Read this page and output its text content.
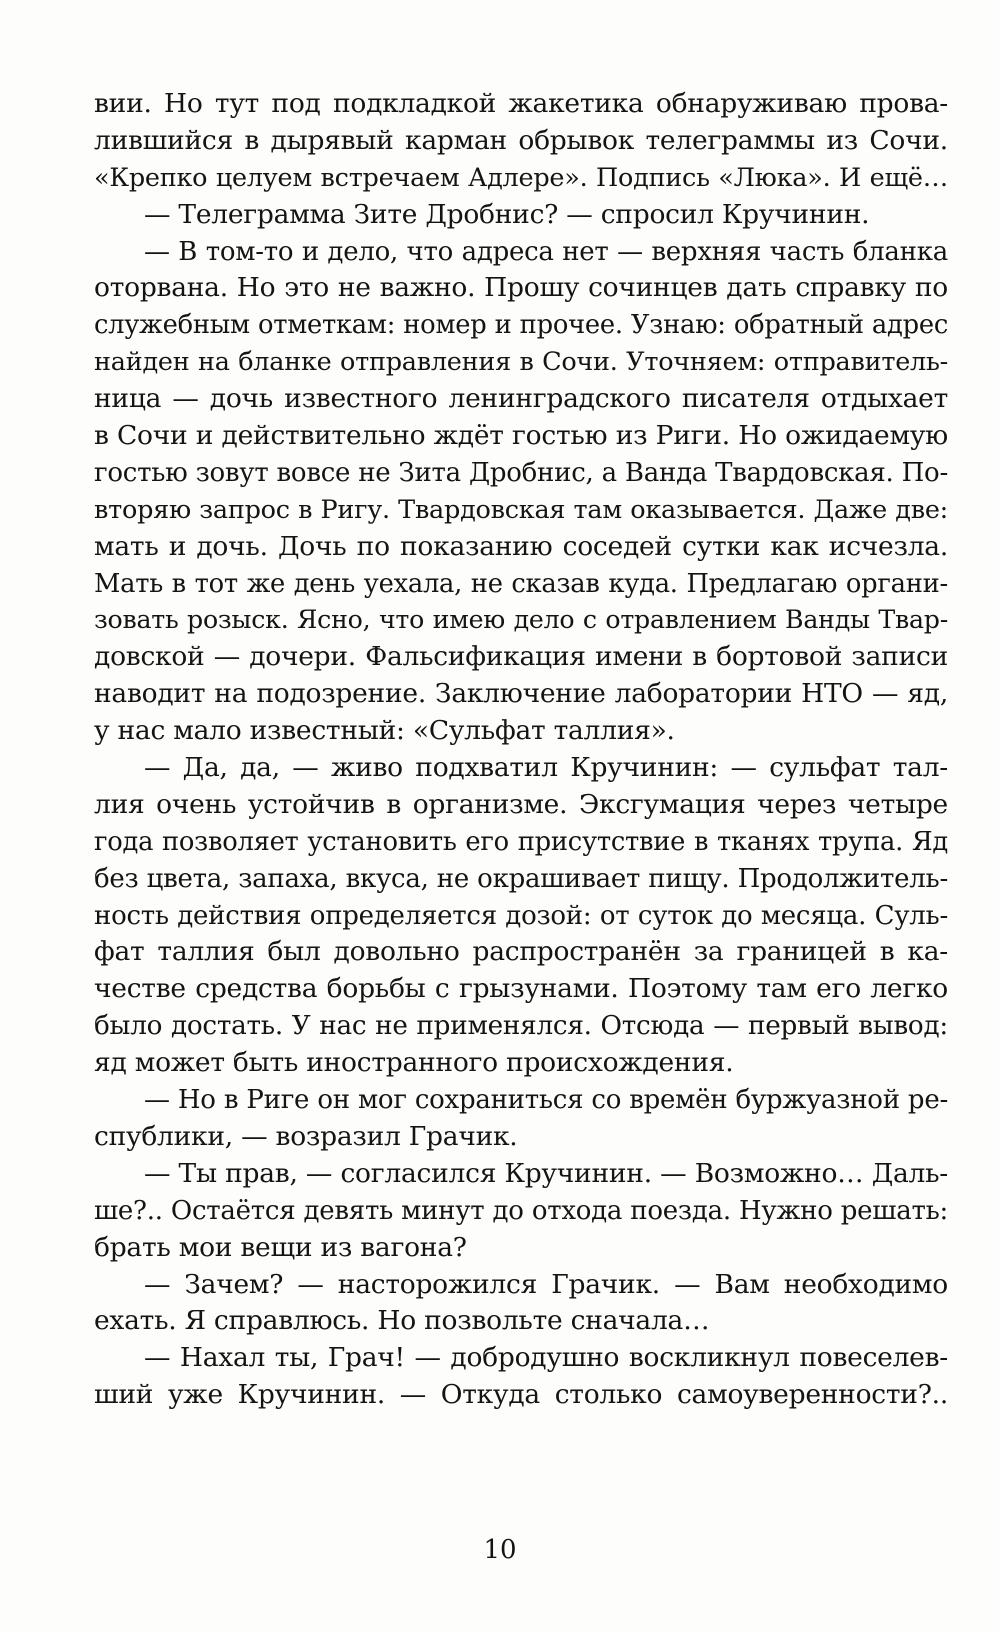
вии. Но тут под подкладкой жакетика обнаруживаю прова-
лившийся в дырявый карман обрывок телеграммы из Сочи.
«Крепко целуем встречаем Адлере». Подпись «Люка». И ещё…
— Телеграмма Зите Дробнис? — спросил Кручинин.
— В том-то и дело, что адреса нет — верхняя часть бланка
оторвана. Но это не важно. Прошу сочинцев дать справку по
служебным отметкам: номер и прочее. Узнаю: обратный адрес
найден на бланке отправления в Сочи. Уточняем: отправитель-
ница — дочь известного ленинградского писателя отдыхает
в Сочи и действительно ждёт гостью из Риги. Но ожидаемую
гостью зовут вовсе не Зита Дробнис, а Ванда Твардовская. По-
вторяю запрос в Ригу. Твардовская там оказывается. Даже две:
мать и дочь. Дочь по показанию соседей сутки как исчезла.
Мать в тот же день уехала, не сказав куда. Предлагаю органи-
зовать розыск. Ясно, что имею дело с отравлением Ванды Твар-
довской — дочери. Фальсификация имени в бортовой записи
наводит на подозрение. Заключение лаборатории НТО — яд,
у нас мало известный: «Сульфат таллия».
— Да, да, — живо подхватил Кручинин: — сульфат тал-
лия очень устойчив в организме. Эксгумация через четыре
года позволяет установить его присутствие в тканях трупа. Яд
без цвета, запаха, вкуса, не окрашивает пищу. Продолжитель-
ность действия определяется дозой: от суток до месяца. Суль-
фат таллия был довольно распространён за границей в ка-
честве средства борьбы с грызунами. Поэтому там его легко
было достать. У нас не применялся. Отсюда — первый вывод:
яд может быть иностранного происхождения.
— Но в Риге он мог сохраниться со времён буржуазной ре-
спублики, — возразил Грачик.
— Ты прав, — согласился Кручинин. — Возможно… Даль-
ше?.. Остаётся девять минут до отхода поезда. Нужно решать:
брать мои вещи из вагона?
— Зачем? — насторожился Грачик. — Вам необходимо
ехать. Я справлюсь. Но позвольте сначала…
— Нахал ты, Грач! — добродушно воскликнул повеселев-
ший уже Кручинин. — Откуда столько самоуверенности?..
10
